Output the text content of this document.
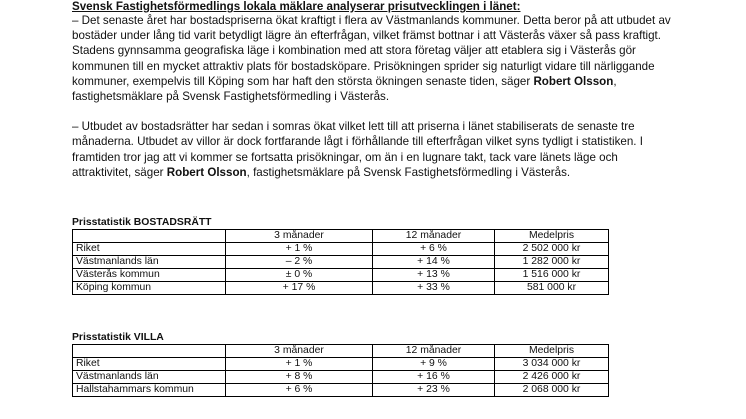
Svensk Fastighetsförmedlings lokala mäklare analyserar prisutvecklingen i länet:

– Det senaste året har bostadspriserna ökat kraftigt i flera av Västmanlands kommuner. Detta beror på att utbudet av bostäder under lång tid varit betydligt lägre än efterfrågan, vilket främst bottnar i att Västerås växer så pass kraftigt. Stadens gynnsamma geografiska läge i kombination med att stora företag väljer att etablera sig i Västerås gör kommunen till en mycket attraktiv plats för bostadsköpare. Prisökningen sprider sig naturligt vidare till närliggande kommuner, exempelvis till Köping som har haft den största ökningen senaste tiden, säger Robert Olsson, fastighetsmäklare på Svensk Fastighetsförmedling i Västerås.

– Utbudet av bostadsrätter har sedan i somras ökat vilket lett till att priserna i länet stabiliserats de senaste tre månaderna. Utbudet av villor är dock fortfarande lågt i förhållande till efterfrågan vilket syns tydligt i statistiken. I framtiden tror jag att vi kommer se fortsatta prisökningar, om än i en lugnare takt, tack vare länets läge och attraktivitet, säger Robert Olsson, fastighetsmäklare på Svensk Fastighetsförmedling i Västerås.

Prisstatistik BOSTADSRÄTT

	3 månader	12 månader	Medelpris
Riket	+ 1 %	+ 6 %	2 502 000 kr
Västmanlands län	– 2 %	+ 14 %	1 282 000 kr
Västerås kommun	± 0 %	+ 13 %	1 516 000 kr
Köping kommun	+ 17 %	+ 33 %	581 000 kr

Prisstatistik VILLA

	3 månader	12 månader	Medelpris
Riket	+ 1 %	+ 9 %	3 034 000 kr
Västmanlands län	+ 8 %	+ 16 %	2 426 000 kr
Hallstahammars kommun	+ 6 %	+ 23 %	2 068 000 kr
